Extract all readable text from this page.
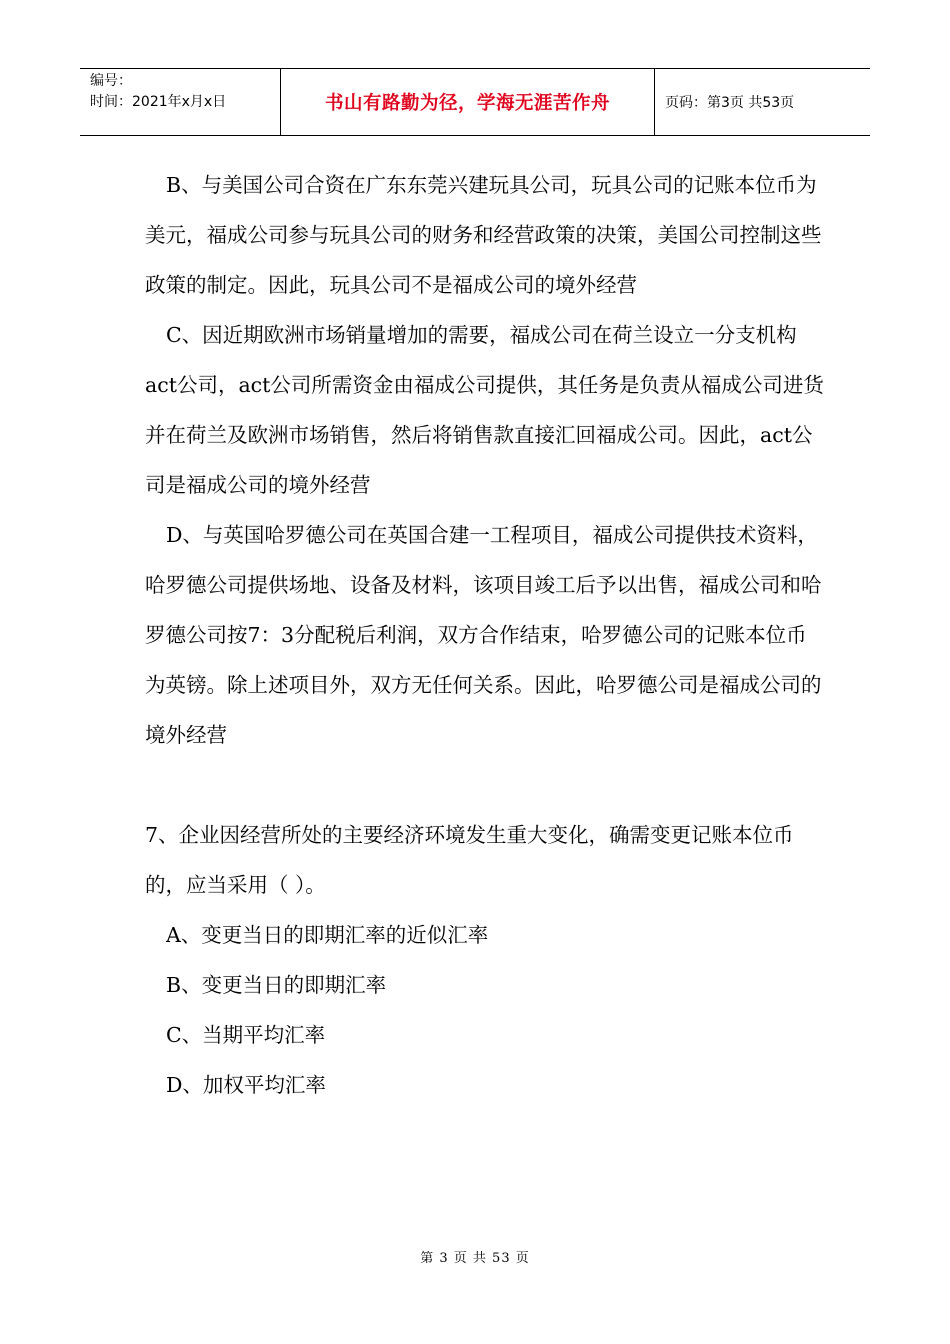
编号：
时间：2021年x月x日	书山有路勤为径，学海无涯苦作舟	页码：第3页 共53页

B、与美国公司合资在广东东莞兴建玩具公司，玩具公司的记账本位币为美元，福成公司参与玩具公司的财务和经营政策的决策，美国公司控制这些政策的制定。因此，玩具公司不是福成公司的境外经营

C、因近期欧洲市场销量增加的需要，福成公司在荷兰设立一分支机构act公司，act公司所需资金由福成公司提供，其任务是负责从福成公司进货并在荷兰及欧洲市场销售，然后将销售款直接汇回福成公司。因此，act公司是福成公司的境外经营

D、与英国哈罗德公司在英国合建一工程项目，福成公司提供技术资料，哈罗德公司提供场地、设备及材料，该项目竣工后予以出售，福成公司和哈罗德公司按7：3分配税后利润，双方合作结束，哈罗德公司的记账本位币为英镑。除上述项目外，双方无任何关系。因此，哈罗德公司是福成公司的境外经营

7、企业因经营所处的主要经济环境发生重大变化，确需变更记账本位币的，应当采用（ ）。

A、变更当日的即期汇率的近似汇率

B、变更当日的即期汇率

C、当期平均汇率

D、加权平均汇率

第 3 页 共 53 页
